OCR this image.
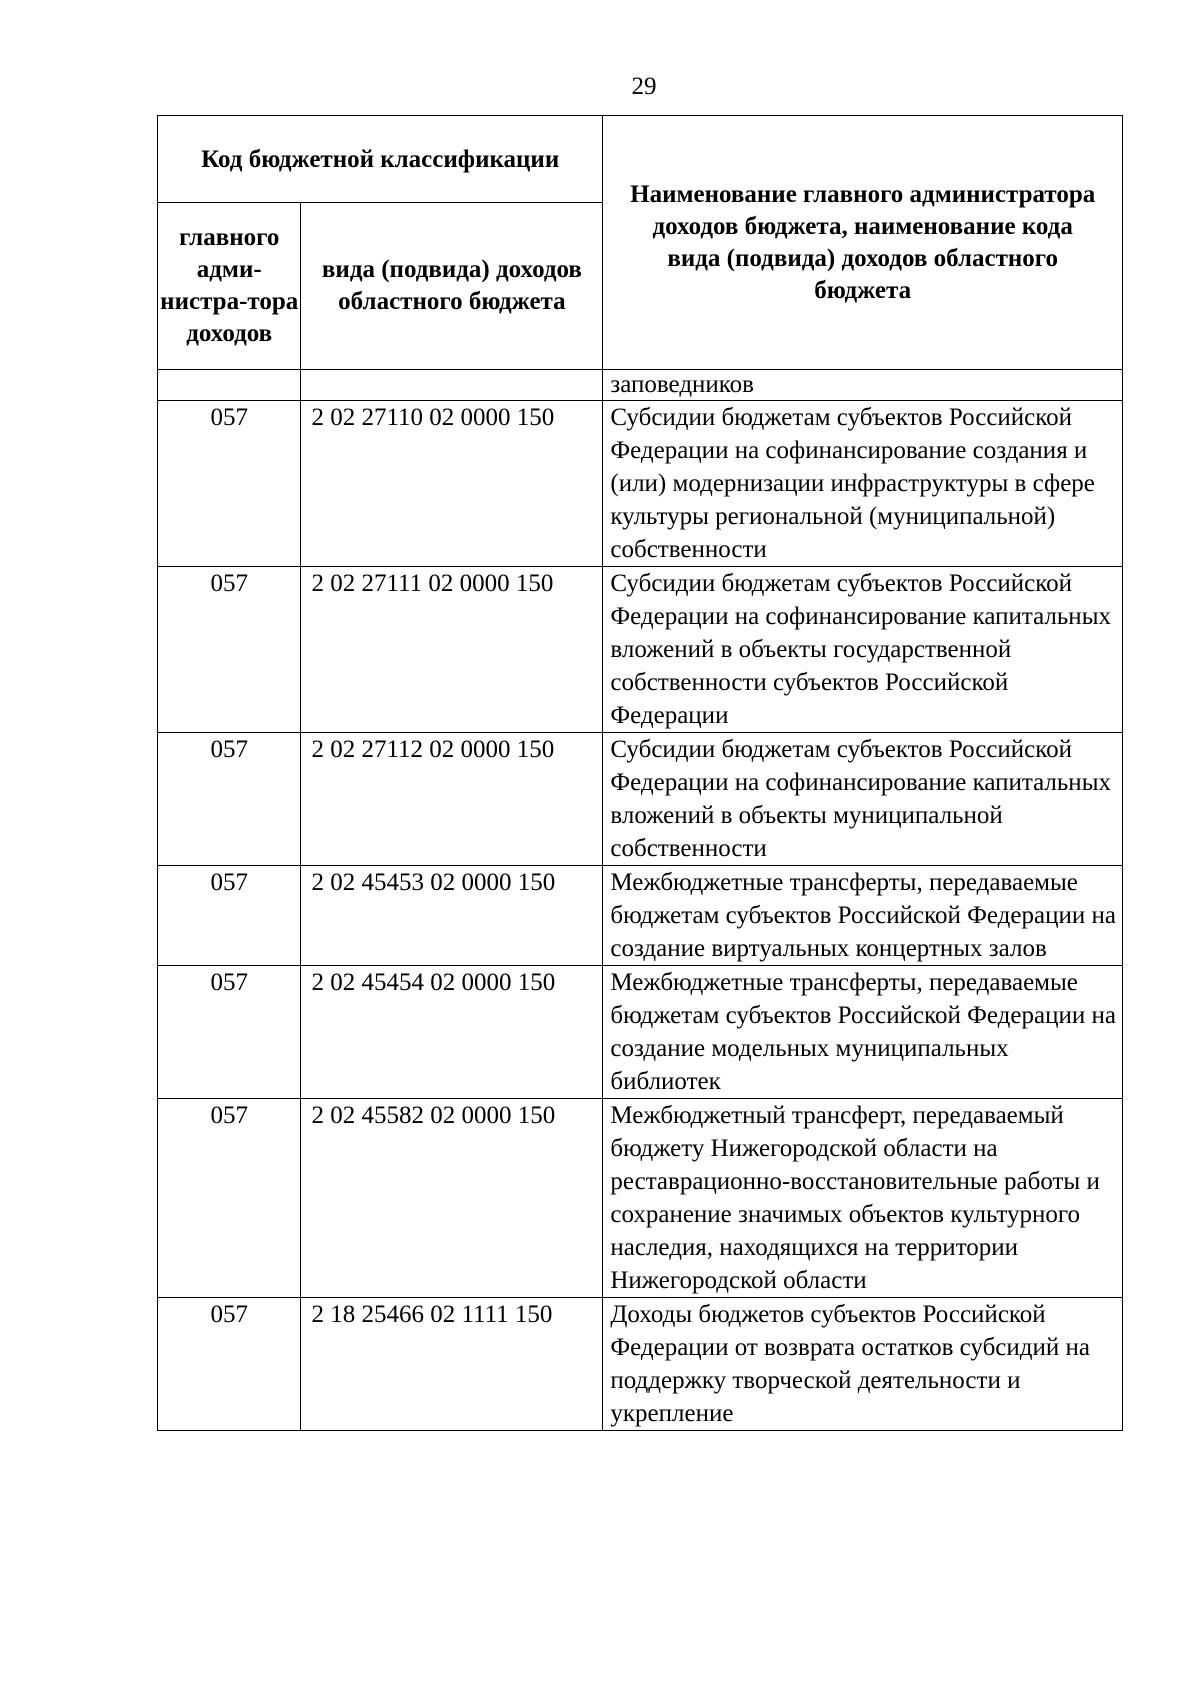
29
Код бюджетной классификации		Наименование главного администратора доходов бюджета, наименование кода вида (подвида) доходов областного бюджета
главного адми-нистра-тора доходов	вида (подвида) доходов областного бюджета	
		заповедников
057	2 02 27110 02 0000 150	Субсидии бюджетам субъектов Российской Федерации на софинансирование создания и (или) модернизации инфраструктуры в сфере культуры региональной (муниципальной) собственности
057	2 02 27111 02 0000 150	Субсидии бюджетам субъектов Российской Федерации на софинансирование капитальных вложений в объекты государственной собственности субъектов Российской Федерации
057	2 02 27112 02 0000 150	Субсидии бюджетам субъектов Российской Федерации на софинансирование капитальных вложений в объекты муниципальной собственности
057	2 02 45453 02 0000 150	Межбюджетные трансферты, передаваемые бюджетам субъектов Российской Федерации на создание виртуальных концертных залов
057	2 02 45454 02 0000 150	Межбюджетные трансферты, передаваемые бюджетам субъектов Российской Федерации на создание модельных муниципальных библиотек
057	2 02 45582 02 0000 150	Межбюджетный трансферт, передаваемый бюджету Нижегородской области на реставрационно-восстановительные работы и сохранение значимых объектов культурного наследия, находящихся на территории Нижегородской области
057	2 18 25466 02 1111 150	Доходы бюджетов субъектов Российской Федерации от возврата остатков субсидий на поддержку творческой деятельности и укрепление
